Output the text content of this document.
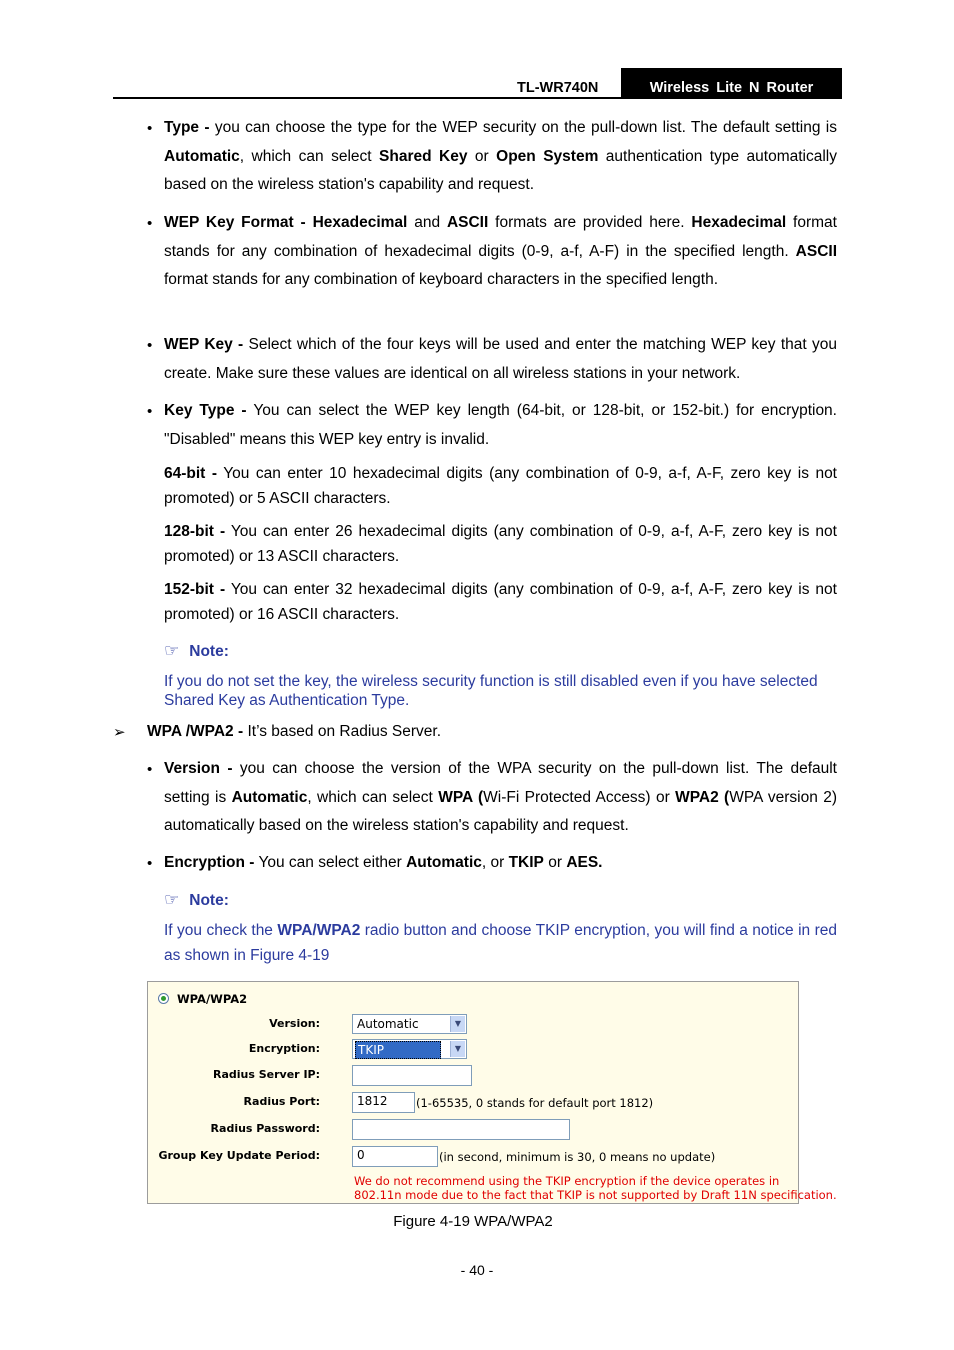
TL-WR740N	Wireless Lite N Router
• Type - you can choose the type for the WEP security on the pull-down list. The default setting is Automatic, which can select Shared Key or Open System authentication type automatically based on the wireless station's capability and request.
• WEP Key Format - Hexadecimal and ASCII formats are provided here. Hexadecimal format stands for any combination of hexadecimal digits (0-9, a-f, A-F) in the specified length. ASCII format stands for any combination of keyboard characters in the specified length.
• WEP Key - Select which of the four keys will be used and enter the matching WEP key that you create. Make sure these values are identical on all wireless stations in your network.
• Key Type - You can select the WEP key length (64-bit, or 128-bit, or 152-bit.) for encryption. "Disabled" means this WEP key entry is invalid.
64-bit - You can enter 10 hexadecimal digits (any combination of 0-9, a-f, A-F, zero key is not promoted) or 5 ASCII characters.
128-bit - You can enter 26 hexadecimal digits (any combination of 0-9, a-f, A-F, zero key is not promoted) or 13 ASCII characters.
152-bit - You can enter 32 hexadecimal digits (any combination of 0-9, a-f, A-F, zero key is not promoted) or 16 ASCII characters.
☞ Note:
If you do not set the key, the wireless security function is still disabled even if you have selected Shared Key as Authentication Type.
➢ WPA /WPA2 - It’s based on Radius Server.
• Version - you can choose the version of the WPA security on the pull-down list. The default setting is Automatic, which can select WPA (Wi-Fi Protected Access) or WPA2 (WPA version 2) automatically based on the wireless station's capability and request.
• Encryption - You can select either Automatic, or TKIP or AES.
☞ Note:
If you check the WPA/WPA2 radio button and choose TKIP encryption, you will find a notice in red as shown in Figure 4-19
WPA/WPA2
Version:	Automatic	▼
Encryption:	TKIP	▼
Radius Server IP:
Radius Port:	1812	(1-65535, 0 stands for default port 1812)
Radius Password:
Group Key Update Period:	0	(in second, minimum is 30, 0 means no update)
We do not recommend using the TKIP encryption if the device operates in
802.11n mode due to the fact that TKIP is not supported by Draft 11N specification.
Figure 4-19 WPA/WPA2
- 40 -
